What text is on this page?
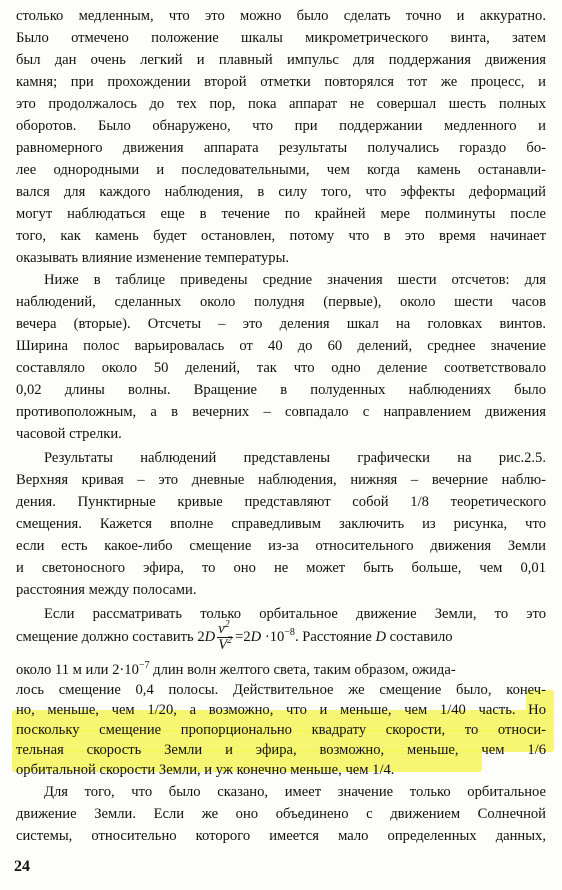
столько медленным, что это можно было сделать точно и аккуратно.
Было отмечено положение шкалы микрометрического винта, затем
был дан очень легкий и плавный импульс для поддержания движения
камня; при прохождении второй отметки повторялся тот же процесс, и
это продолжалось до тех пор, пока аппарат не совершал шесть полных
оборотов. Было обнаружено, что при поддержании медленного и
равномерного движения аппарата результаты получались гораздо бо-
лее однородными и последовательными, чем когда камень останавли-
вался для каждого наблюдения, в силу того, что эффекты деформаций
могут наблюдаться еще в течение по крайней мере полминуты после
того, как камень будет остановлен, потому что в это время начинает
оказывать влияние изменение температуры.
Ниже в таблице приведены средние значения шести отсчетов: для
наблюдений, сделанных около полудня (первые), около шести часов
вечера (вторые). Отсчеты – это деления шкал на головках винтов.
Ширина полос варьировалась от 40 до 60 делений, среднее значение
составляло около 50 делений, так что одно деление соответствовало
0,02 длины волны. Вращение в полуденных наблюдениях было
противоположным, а в вечерних – совпадало с направлением движения
часовой стрелки.
Результаты наблюдений представлены графически на рис.2.5.
Верхняя кривая – это дневные наблюдения, нижняя – вечерние наблю-
дения. Пунктирные кривые представляют собой 1/8 теоретического
смещения. Кажется вполне справедливым заключить из рисунка, что
если есть какое-либо смещение из-за относительного движения Земли
и светоносного эфира, то оно не может быть больше, чем 0,01
расстояния между полосами.
Если рассматривать только орбитальное движение Земли, то это
смещение должно составить $2D \frac{v^2}{V^2} =2D \cdot 10^{-8}$. Расстояние D составило
около 11 м или $2\cdot 10^{-7}$ длин волн желтого света, таким образом, ожида-
лось смещение 0,4 полосы. Действительное же смещение было, конеч-
но, меньше, чем 1/20, а возможно, что и меньше, чем 1/40 часть. Но
поскольку смещение пропорционально квадрату скорости, то относи-
тельная скорость Земли и эфира, возможно, меньше, чем 1/6
орбитальной скорости Земли, и уж конечно меньше, чем 1/4.
Для того, что было сказано, имеет значение только орбитальное
движение Земли. Если же оно объединено с движением Солнечной
системы, относительно которого имеется мало определенных данных,
24
